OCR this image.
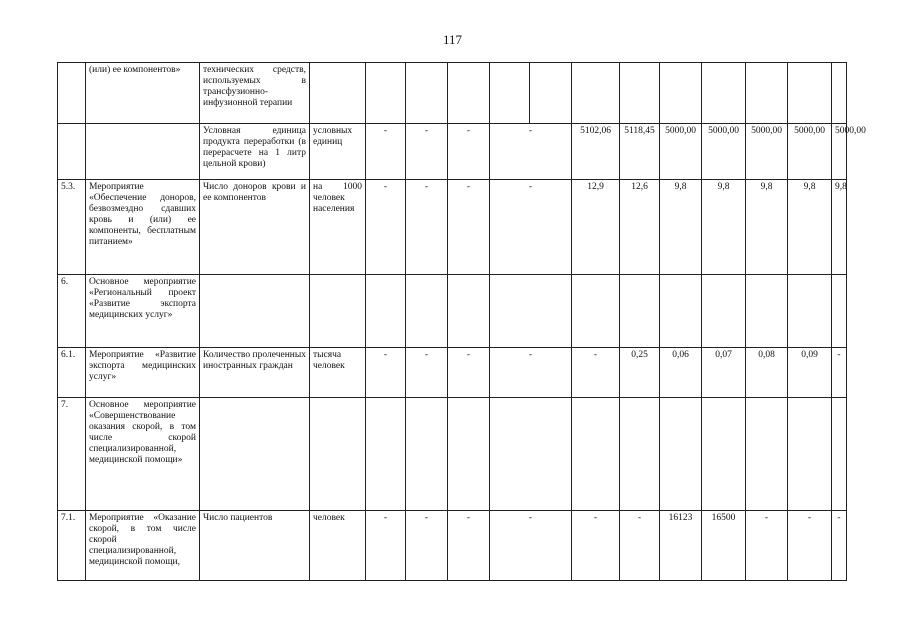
117
	(или) ее компонентов»	технических средств, используемых в трансфузионно-инфузионной терапии													
		Условная единица продукта переработки (в перерасчете на 1 литр цельной крови)	условных единиц	-	-	-	-		5102,06	5118,45	5000,00	5000,00	5000,00	5000,00	5000,00
5.3.	Мероприятие «Обеспечение доноров, безвозмездно сдавших кровь и (или) ее компоненты, бесплатным питанием»	Число доноров крови и ее компонентов	на 1000 человек населения	-	-	-	-		12,9	12,6	9,8	9,8	9,8	9,8	9,8
6.	Основное мероприятие «Региональный проект «Развитие экспорта медицинских услуг»														
6.1.	Мероприятие «Развитие экспорта медицинских услуг»	Количество пролеченных иностранных граждан	тысяча человек	-	-	-	-		-	0,25	0,06	0,07	0,08	0,09	-
7.	Основное мероприятие «Совершенствование оказания скорой, в том числе скорой специализированной, медицинской помощи»														
7.1.	Мероприятие «Оказание скорой, в том числе скорой специализированной, медицинской помощи,	Число пациентов	человек	-	-	-	-		-	-	16123	16500	-	-	-
